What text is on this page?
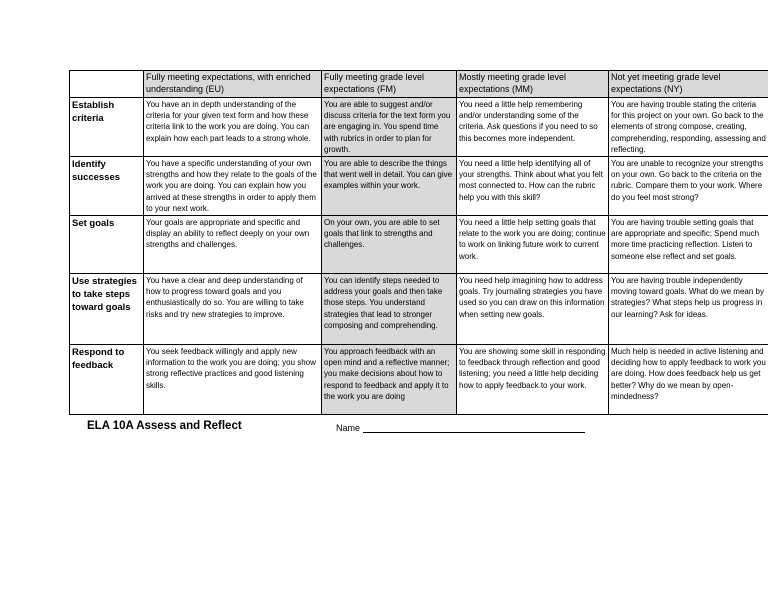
	Fully meeting expectations, with enriched understanding (EU)	Fully meeting grade level expectations (FM)	Mostly meeting grade level expectations (MM)	Not yet meeting grade level expectations (NY)
Establish criteria	You have an in depth understanding of the criteria for your given text form and how these criteria link to the work you are doing. You can explain how each part leads to a strong whole.	You are able to suggest and/or discuss criteria for the text form you are engaging in. You spend time with rubrics in order to plan for growth.	You need a little help remembering and/or understanding some of the criteria. Ask questions if you need to so this becomes more independent.	You are having trouble stating the criteria for this project on your own. Go back to the elements of strong compose, creating, comprehending, responding, assessing and reflecting.
Identify successes	You have a specific understanding of your own strengths and how they relate to the goals of the work you are doing. You can explain how you arrived at these strengths in order to apply them to your next work.	You are able to describe the things that went well in detail. You can give examples within your work.	You need a little help identifying all of your strengths. Think about what you felt most connected to. How can the rubric help you with this skill?	You are unable to recognize your strengths on your own. Go back to the criteria on the rubric. Compare them to your work. Where do you feel most strong?
Set goals	Your goals are appropriate and specific and display an ability to reflect deeply on your own strengths and challenges.	On your own, you are able to set goals that link to strengths and challenges.	You need a little help setting goals that relate to the work you are doing; continue to work on linking future work to current work.	You are having trouble setting goals that are appropriate and specific; Spend much more time practicing reflection. Listen to someone else reflect and set goals.
Use strategies to take steps toward goals	You have a clear and deep understanding of how to progress toward goals and you enthusiastically do so. You are willing to take risks and try new strategies to improve.	You can identify steps needed to address your goals and then take those steps. You understand strategies that lead to stronger composing and comprehending.	You need help imagining how to address goals. Try journaling strategies you have used so you can draw on this information when setting new goals.	You are having trouble independently moving toward goals. What do we mean by strategies? What steps help us progress in our learning? Ask for ideas.
Respond to feedback	You seek feedback willingly and apply new information to the work you are doing; you show strong reflective practices and good listening skills.	You approach feedback with an open mind and a reflective manner; you make decisions about how to respond to feedback and apply it to the work you are doing	You are showing some skill in responding to feedback through reflection and good listening; you need a little help deciding how to apply feedback to your work.	Much help is needed in active listening and deciding how to apply feedback to work you are doing. How does feedback help us get better? Why do we mean by open-mindedness?
ELA 10A Assess and Reflect	Name
